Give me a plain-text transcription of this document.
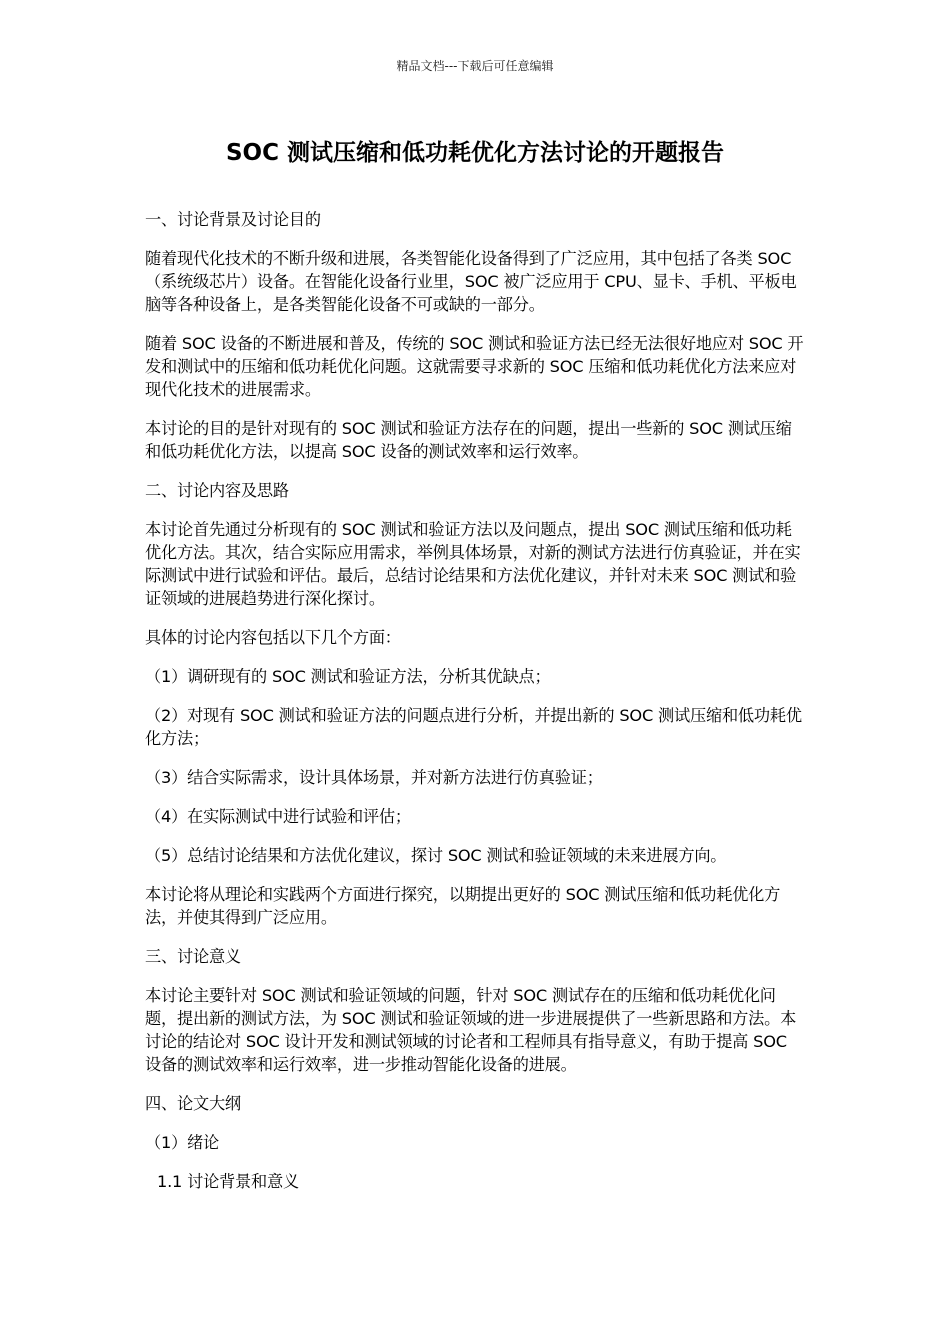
精品文档---下载后可任意编辑
SOC 测试压缩和低功耗优化方法讨论的开题报告

一、讨论背景及讨论目的

随着现代化技术的不断升级和进展，各类智能化设备得到了广泛应用，其中包括了各类 SOC（系统级芯片）设备。在智能化设备行业里，SOC 被广泛应用于 CPU、显卡、手机、平板电脑等各种设备上，是各类智能化设备不可或缺的一部分。

随着 SOC 设备的不断进展和普及，传统的 SOC 测试和验证方法已经无法很好地应对 SOC 开发和测试中的压缩和低功耗优化问题。这就需要寻求新的 SOC 压缩和低功耗优化方法来应对现代化技术的进展需求。

本讨论的目的是针对现有的 SOC 测试和验证方法存在的问题，提出一些新的 SOC 测试压缩和低功耗优化方法，以提高 SOC 设备的测试效率和运行效率。

二、讨论内容及思路

本讨论首先通过分析现有的 SOC 测试和验证方法以及问题点，提出 SOC 测试压缩和低功耗优化方法。其次，结合实际应用需求，举例具体场景，对新的测试方法进行仿真验证，并在实际测试中进行试验和评估。最后，总结讨论结果和方法优化建议，并针对未来 SOC 测试和验证领域的进展趋势进行深化探讨。

具体的讨论内容包括以下几个方面：

（1）调研现有的 SOC 测试和验证方法，分析其优缺点；

（2）对现有 SOC 测试和验证方法的问题点进行分析，并提出新的 SOC 测试压缩和低功耗优化方法；

（3）结合实际需求，设计具体场景，并对新方法进行仿真验证；

（4）在实际测试中进行试验和评估；

（5）总结讨论结果和方法优化建议，探讨 SOC 测试和验证领域的未来进展方向。

本讨论将从理论和实践两个方面进行探究，以期提出更好的 SOC 测试压缩和低功耗优化方法，并使其得到广泛应用。

三、讨论意义

本讨论主要针对 SOC 测试和验证领域的问题，针对 SOC 测试存在的压缩和低功耗优化问题，提出新的测试方法，为 SOC 测试和验证领域的进一步进展提供了一些新思路和方法。本讨论的结论对 SOC 设计开发和测试领域的讨论者和工程师具有指导意义，有助于提高 SOC 设备的测试效率和运行效率，进一步推动智能化设备的进展。

四、论文大纲

（1）绪论

1.1 讨论背景和意义
